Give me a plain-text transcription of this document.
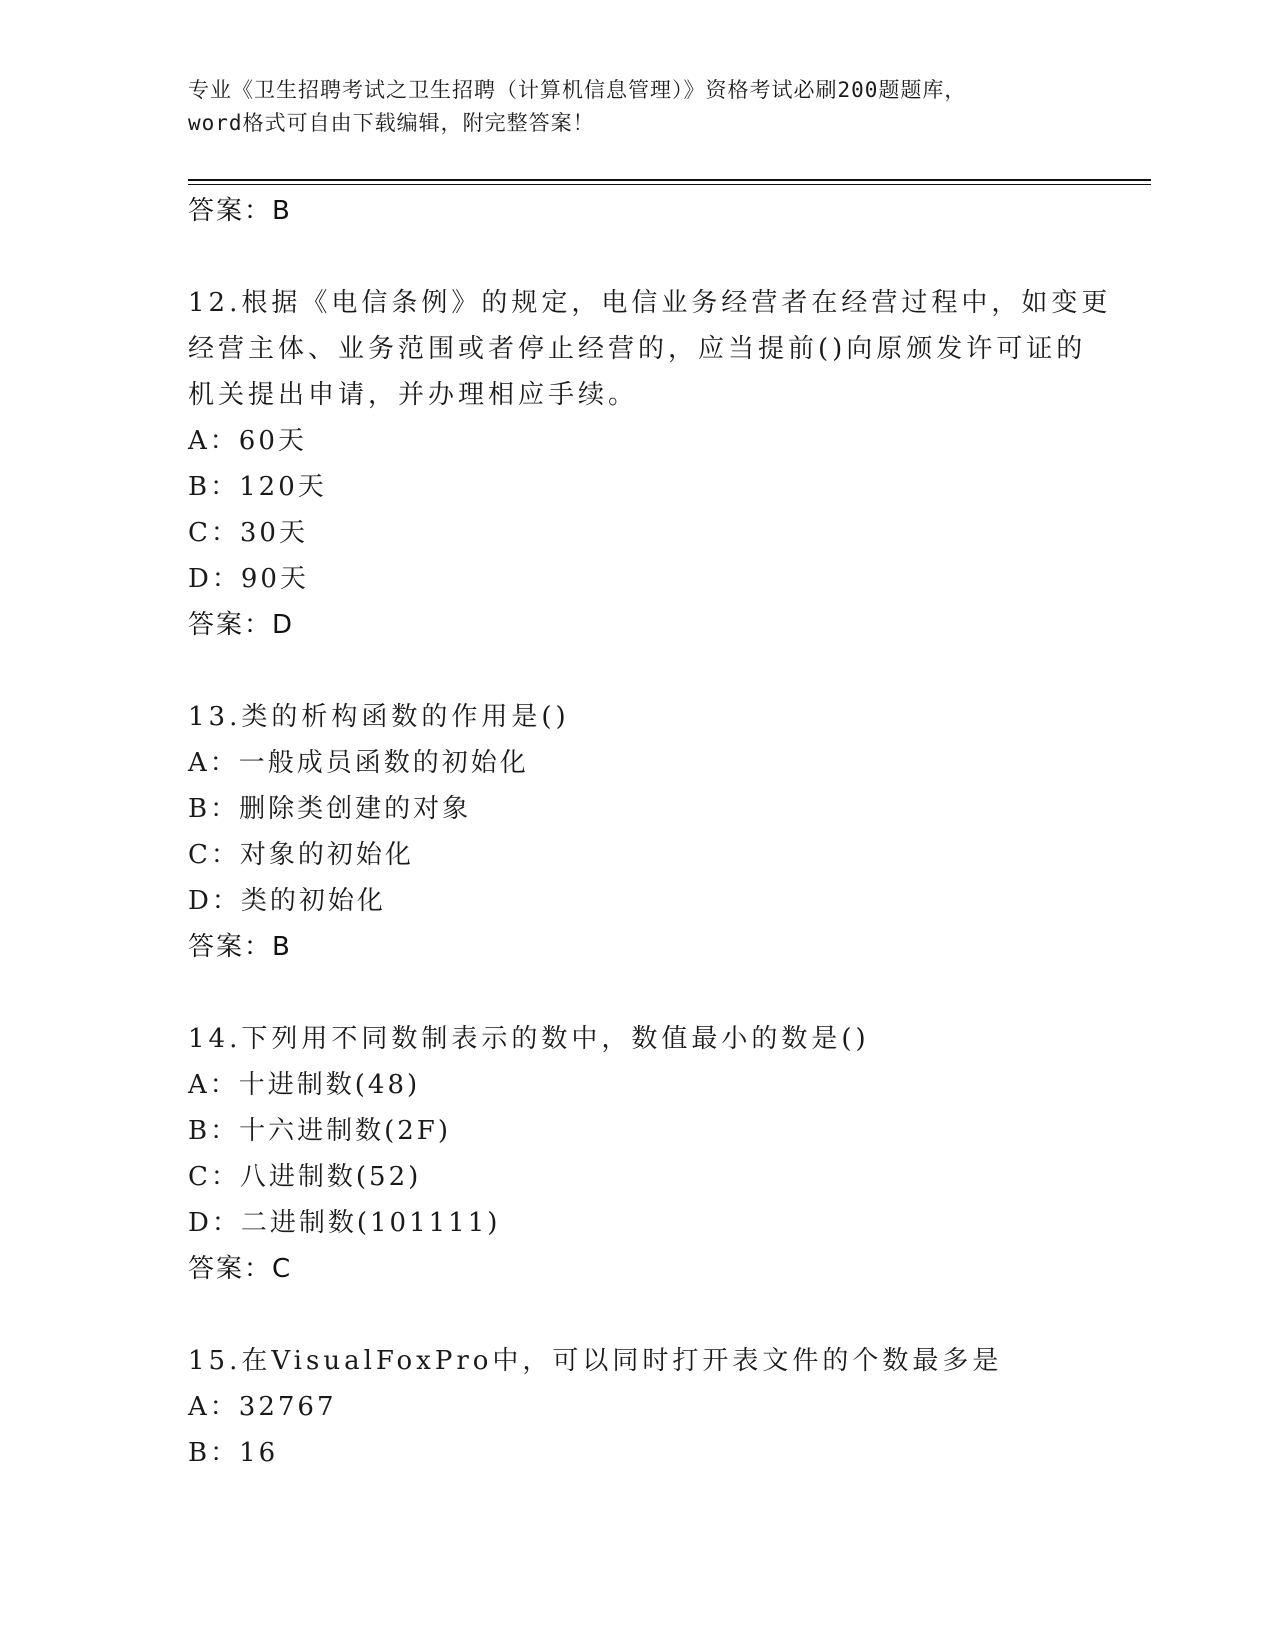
专业《卫生招聘考试之卫生招聘（计算机信息管理）》资格考试必刷200题题库，
word格式可自由下载编辑，附完整答案！
答案：B
12.根据《电信条例》的规定，电信业务经营者在经营过程中，如变更
经营主体、业务范围或者停止经营的，应当提前()向原颁发许可证的
机关提出申请，并办理相应手续。
A：60天
B：120天
C：30天
D：90天
答案：D
13.类的析构函数的作用是()
A：一般成员函数的初始化
B：删除类创建的对象
C：对象的初始化
D：类的初始化
答案：B
14.下列用不同数制表示的数中，数值最小的数是()
A：十进制数(48)
B：十六进制数(2F)
C：八进制数(52)
D：二进制数(101111)
答案：C
15.在VisualFoxPro中，可以同时打开表文件的个数最多是
A：32767
B：16
